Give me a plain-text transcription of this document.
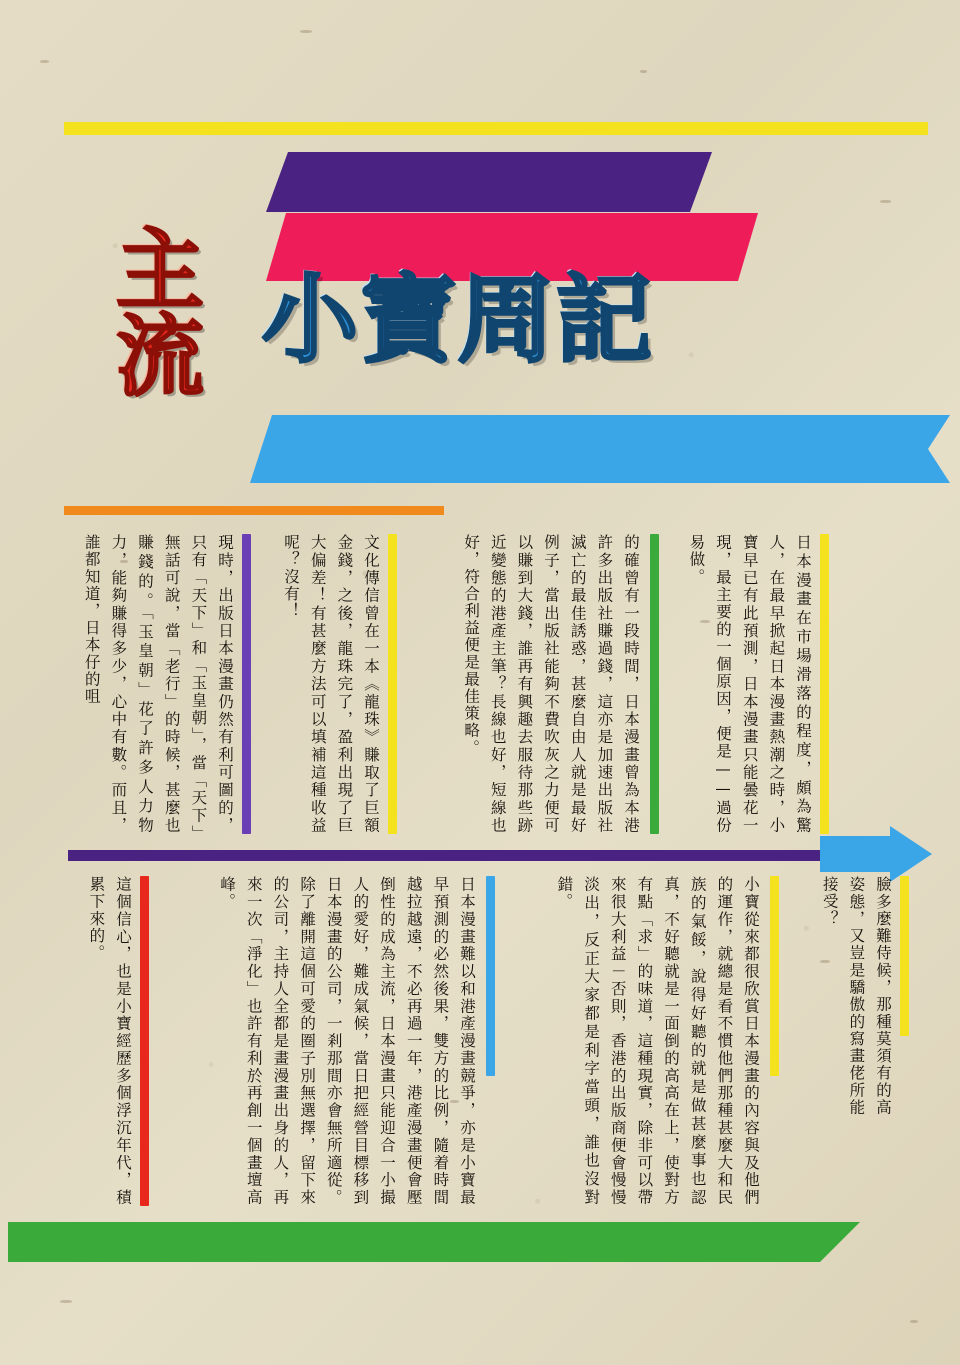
主流 小寶周記
日本漫畫在市場滑落的程度，頗為驚人，在最早掀起日本漫畫熱潮之時，小寶早已有此預測，日本漫畫只能曇花一現，最主要的一個原因，便是——過份易做。
的確曾有一段時間，日本漫畫曾為本港許多出版社賺過錢，這亦是加速出版社滅亡的最佳誘惑，甚麼自由人就是最好例子，當出版社能夠不費吹灰之力便可以賺到大錢，誰再有興趣去服待那些跡近變態的港產主筆？長線也好，短線也好，符合利益便是最佳策略。
文化傳信曾在一本《龍珠》賺取了巨額金錢，之後，龍珠完了，盈利出現了巨大偏差！有甚麼方法可以填補這種收益呢？沒有！
現時，出版日本漫畫仍然有利可圖的，只有「天下」和「玉皇朝」，當「天下」無話可說，當「老行」的時候，甚麼也賺錢的。「玉皇朝」花了許多人力物力，能夠賺得多少，心中有數。而且，誰都知道，日本仔的咀
臉多麼難侍候，那種莫須有的高姿態，又豈是驕傲的寫畫佬所能接受？
小寶從來都很欣賞日本漫畫的內容與及他們的運作，就總是看不慣他們那種甚麼大和民族的氣餒，說得好聽的就是做甚麼事也認真，不好聽就是一面倒的高高在上，使對方有點「求」的味道，這種現實，除非可以帶來很大利益－否則，香港的出版商便會慢慢淡出，反正大家都是利字當頭，誰也沒對錯。
日本漫畫難以和港產漫畫競爭，亦是小寶最早預測的必然後果，雙方的比例，隨着時間越拉越遠，不必再過一年，港產漫畫便會壓倒性的成為主流，日本漫畫只能迎合一小撮人的愛好，難成氣候，當日把經營目標移到日本漫畫的公司，一剎那間亦會無所適從。除了離開這個可愛的圈子別無選擇，留下來的公司，主持人全都是畫漫畫出身的人，再來一次「淨化」也許有利於再創一個畫壇高峰。
這個信心，也是小寶經歷多個浮沉年代，積累下來的。
